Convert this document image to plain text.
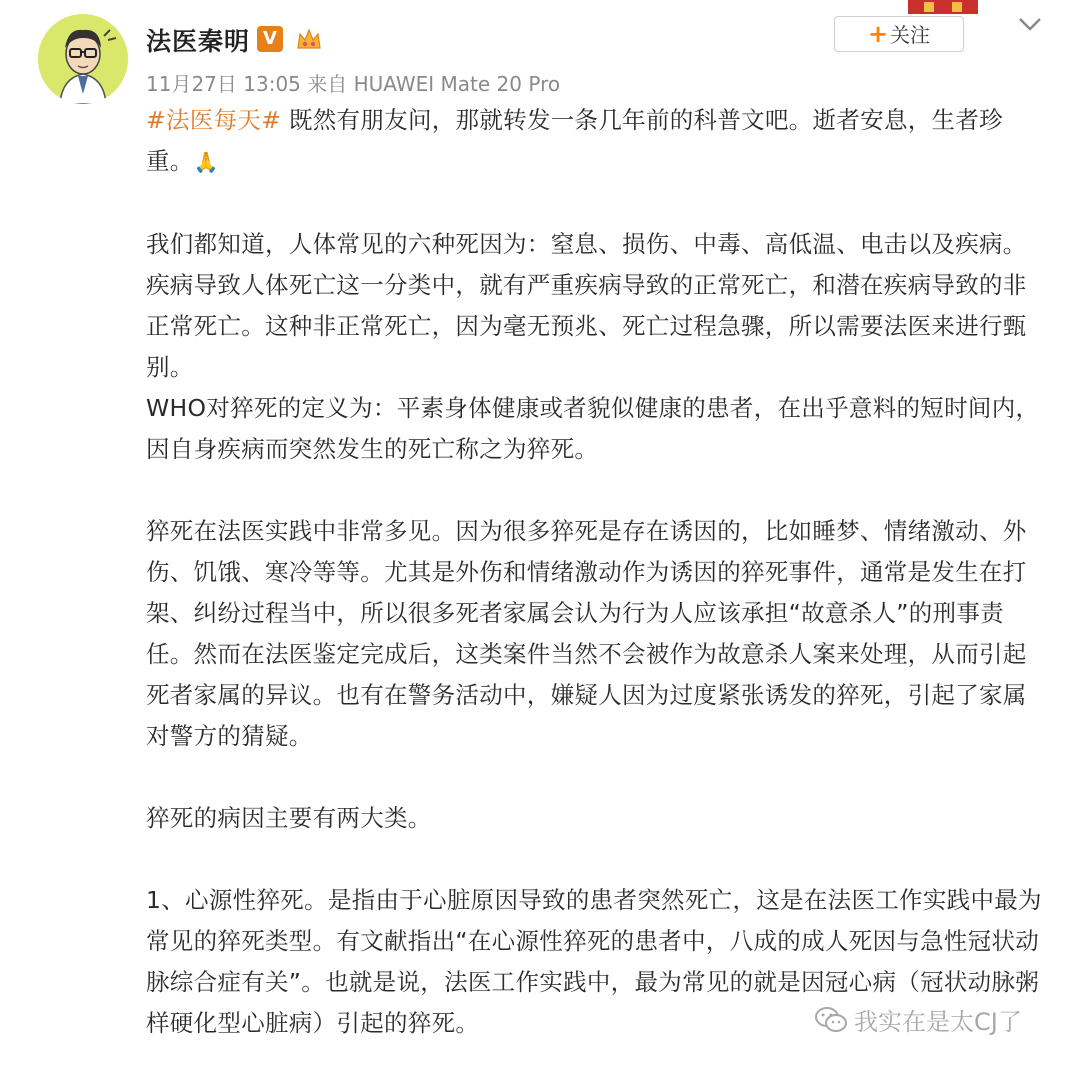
法医秦明 V	+ 关注
11月27日 13:05 来自 HUAWEI Mate 20 Pro

#法医每天# 既然有朋友问，那就转发一条几年前的科普文吧。逝者安息，生者珍重。🙏

我们都知道，人体常见的六种死因为：窒息、损伤、中毒、高低温、电击以及疾病。疾病导致人体死亡这一分类中，就有严重疾病导致的正常死亡，和潜在疾病导致的非正常死亡。这种非正常死亡，因为毫无预兆、死亡过程急骤，所以需要法医来进行甄别。

WHO对猝死的定义为：平素身体健康或者貌似健康的患者，在出乎意料的短时间内，因自身疾病而突然发生的死亡称之为猝死。

猝死在法医实践中非常多见。因为很多猝死是存在诱因的，比如睡梦、情绪激动、外伤、饥饿、寒冷等等。尤其是外伤和情绪激动作为诱因的猝死事件，通常是发生在打架、纠纷过程当中，所以很多死者家属会认为行为人应该承担“故意杀人”的刑事责任。然而在法医鉴定完成后，这类案件当然不会被作为故意杀人案来处理，从而引起死者家属的异议。也有在警务活动中，嫌疑人因为过度紧张诱发的猝死，引起了家属对警方的猜疑。

猝死的病因主要有两大类。

1、心源性猝死。是指由于心脏原因导致的患者突然死亡，这是在法医工作实践中最为常见的猝死类型。有文献指出“在心源性猝死的患者中，八成的成人死因与急性冠状动脉综合症有关”。也就是说，法医工作实践中，最为常见的就是因冠心病（冠状动脉粥样硬化型心脏病）引起的猝死。	我实在是太CJ了
